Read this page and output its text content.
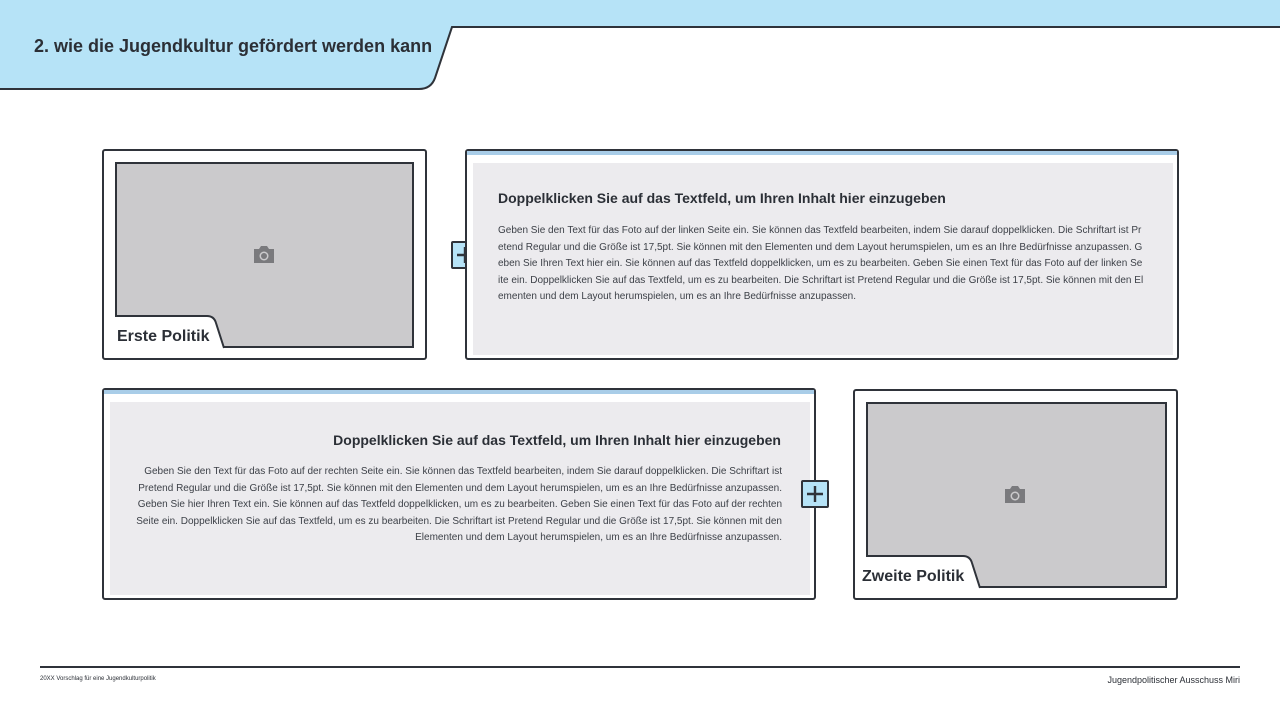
2. wie die Jugendkultur gefördert werden kann
Erste Politik
Doppelklicken Sie auf das Textfeld, um Ihren Inhalt hier einzugeben
Geben Sie den Text für das Foto auf der linken Seite ein. Sie können das Textfeld bearbeiten, indem Sie darauf doppelklicken. Die Schriftart ist Pretend Regular und die Größe ist 17,5pt. Sie können mit den Elementen und dem Layout herumspielen, um es an Ihre Bedürfnisse anzupassen. Geben Sie Ihren Text hier ein. Sie können auf das Textfeld doppelklicken, um es zu bearbeiten. Geben Sie einen Text für das Foto auf der linken Seite ein. Doppelklicken Sie auf das Textfeld, um es zu bearbeiten. Die Schriftart ist Pretend Regular und die Größe ist 17,5pt. Sie können mit den Elementen und dem Layout herumspielen, um es an Ihre Bedürfnisse anzupassen.
Doppelklicken Sie auf das Textfeld, um Ihren Inhalt hier einzugeben
Geben Sie den Text für das Foto auf der rechten Seite ein. Sie können das Textfeld bearbeiten, indem Sie darauf doppelklicken. Die Schriftart ist Pretend Regular und die Größe ist 17,5pt. Sie können mit den Elementen und dem Layout herumspielen, um es an Ihre Bedürfnisse anzupassen. Geben Sie hier Ihren Text ein. Sie können auf das Textfeld doppelklicken, um es zu bearbeiten. Geben Sie einen Text für das Foto auf der rechten Seite ein. Doppelklicken Sie auf das Textfeld, um es zu bearbeiten. Die Schriftart ist Pretend Regular und die Größe ist 17,5pt. Sie können mit den Elementen und dem Layout herumspielen, um es an Ihre Bedürfnisse anzupassen.
Zweite Politik
20XX Vorschlag für eine Jugendkulturpolitik	Jugendpolitischer Ausschuss Miri
